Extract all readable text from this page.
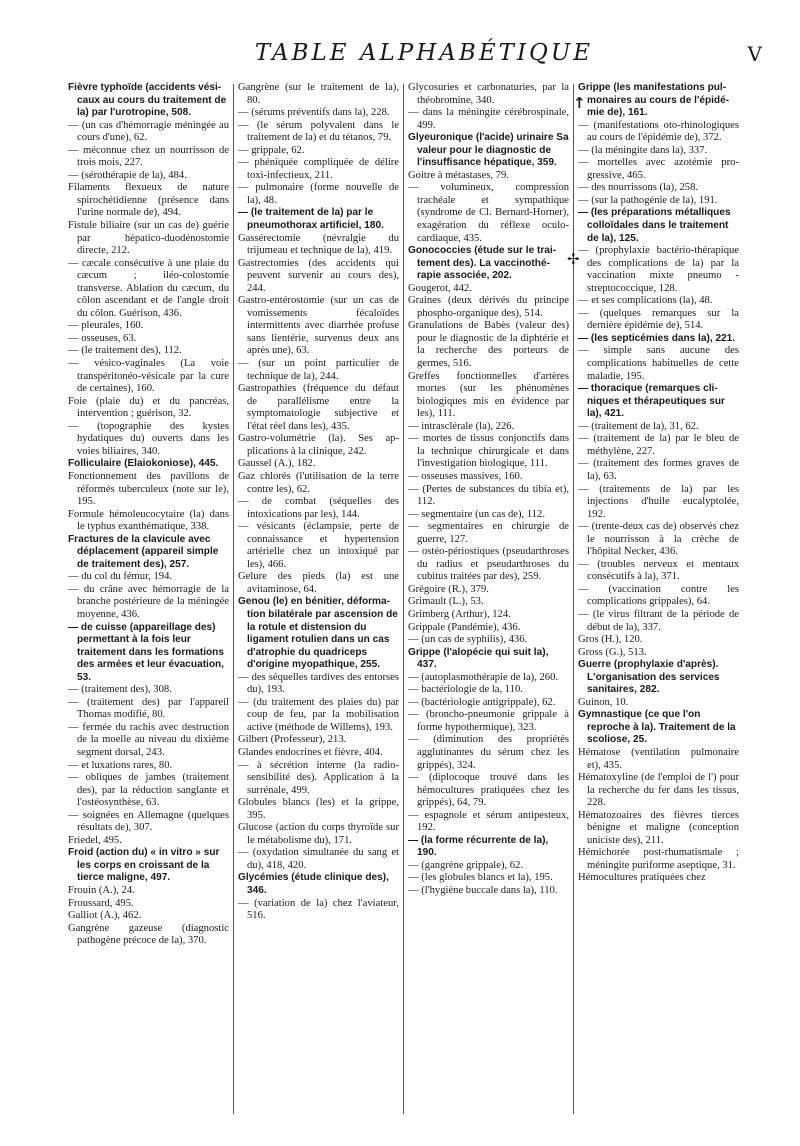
TABLE ALPHABÉTIQUE	V

Fièvre typhoïde (accidents vésicaux au cours du traitement de la) par l'urotropine, 508.

— (un cas d'hémorragie méningée au cours d'une), 62.

— méconnue chez un nourrisson de trois mois, 227.

— (sérothérapie de la), 484.

Filaments flexueux de nature spirochétidienne (présence dans l'urine normale de), 494.

Fistule biliaire (sur un cas de) guérie par hépatico-duodénostomie directe, 212.

— cæcale consécutive à une plaie du cæcum ; iléo-colostomie transverse. Ablation du cæcum, du côlon ascendant et de l'angle droit du côlon. Guérison, 436.

— pleurales, 160.

— osseuses, 63.

— (le traitement des), 112.

— vésico-vaginales (La voie transpéritonéo-vésicale par la cure de certaines), 160.

Foie (plaie du) et du pancréas, intervention ; guérison, 32.

— (topographie des kystes hydatiques du) ouverts dans les voies biliaires, 340.

Folliculaire (Elaiokoniose), 445.

Fonctionnement des pavillons de réformés tuberculeux (note sur le), 195.

Formule hémoleucocytaire (la) dans le typhus exanthématique, 338.

Fractures de la clavicule avec déplacement (appareil simple de traitement des), 257.

— du col du fémur, 194.

— du crâne avec hémorragie de la branche postérieure de la méningée moyenne, 436.

— de cuisse (appareillage des) permettant à la fois leur traitement dans les formations des armées et leur évacuation, 53.

— (traitement des), 308.

— (traitement des) par l'appareil Thomas modifié, 80.

— fermée du rachis avec destruction de la moelle au niveau du dixième segment dorsal, 243.

— et luxations rares, 80.

— obliques de jambes (traitement des), par la réduction sanglante et l'ostéosynthèse, 63.

— soignées en Allemagne (quelques résultats de), 307.

Friedel, 495.

Froid (action du) « in vitro » sur les corps en croissant de la tierce maligne, 497.

Frouin (A.), 24.

Froussard, 495.

Galliot (A.), 462.

Gangrène gazeuse (diagnostic pathogène précoce de la), 370.

Gangrène (sur le traitement de la), 80.

— (sérums préventifs dans la), 228.

— (le sérum polyvalent dans le traitement de la) et du tétanos, 79.

— grippale, 62.

— phéniquée compliquée de délire toxi-infectieux, 211.

— pulmonaire (forme nouvelle de la), 48.

— (le traitement de la) par le pneumothorax artificiel, 180.

Gassérectomie (névralgie du trijumeau et technique de la), 419.

Gastrectomies (des accidents qui peuvent survenir au cours des), 244.

Gastro-entérostomie (sur un cas de vomissements fécaloïdes intermittents avec diarrhée profuse sans lientérie, survenus deux ans après une), 63.

— (sur un point particulier de technique de la), 244.

Gastropathies (fréquence du défaut de parallélisme entre la symptomatologie subjective et l'état réel dans les), 435.

Gastro-volumétrie (la). Ses applications à la clinique, 242.

Gaussel (A.), 182.

Gaz chlorés (l'utilisation de la terre contre les), 62.

— de combat (séquelles des intoxications par les), 144.

— vésicants (éclampsie, perte de connaissance et hypertension artérielle chez un intoxiqué par les), 466.

Gelure des pieds (la) est une avitaminose, 64.

Genou (le) en bénitier, déformation bilatérale par ascension de la rotule et distension du ligament rotulien dans un cas d'atrophie du quadriceps d'origine myopathique, 255.

— des séquelles tardives des entorses du), 193.

— (du traitement des plaies du) par coup de feu, par la mobilisation active (méthode de Willems), 193.

Gilbert (Professeur), 213.

Glandes endocrines et fièvre, 404.

— à sécrétion interne (la radiosensibilité des). Application à la surrénale, 499.

Globules blancs (les) et la grippe, 395.

Glucose (action du corps thyroïde sur le métabolisme du), 171.

— (oxydation simultanée du sang et du), 418, 420.

Glycémies (étude clinique des), 346.

— (variation de la) chez l'aviateur, 516.

Glycosuries et carbonaturies, par la théobromine, 340.

— dans la méningite cérébrospinale, 499.

Glyeuronique (l'acide) urinaire Sa valeur pour le diagnostic de l'insuffisance hépatique, 359.

Goitre à métastases, 79.

— volumineux, compression trachéale et sympathique (syndrome de Cl. Bernard-Horner), exagération du réflexe oculo-cardiaque, 435.

Gonococcies (étude sur le traitement des). La vaccinothérapie associée, 202.

Gougerot, 442.

Graines (deux dérivés du principe phospho-organique des), 514.

Granulations de Babès (valeur des) pour le diagnostic de la diphtérie et la recherche des porteurs de germes, 516.

Greffes fonctionnelles d'artères mortes (sur les phénomènes biologiques mis en évidence par les), 111.

— intrasclérale (la), 226.

— mortes de tissus conjonctifs dans la technique chirurgicale et dans l'investigation biologique, 111.

— osseuses massives, 160.

— (Pertes de substances du tibia et), 112.

— segmentaire (un cas de), 112.

— segmentaires en chirurgie de guerre, 127.

— ostéo-périostiques (pseudarthroses du radius et pseudarthroses du cubitus traitées par des), 259.

Grégoire (R.), 379.

Grimault (L.), 53.

Grimberg (Arthur), 124.

Grippale (Pandémie), 436.

— (un cas de syphilis), 436.

Grippe (l'alopécie qui suit la), 437.

— (autoplasmothérapie de la), 260.

— bactériologie de la, 110.

— (bactériologie antigrippale), 62.

— (broncho-pneumonie grippale à forme hypothermique), 323.

— (diminution des propriétés agglutinantes du sérum chez les grippés), 324.

— (diplocoque trouvé dans les hémocultures pratiquées chez les grippés), 64, 79.

— espagnole et sérum antipesteux, 192.

— (la forme récurrente de la), 190.

— (gangrène grippale), 62.

— (les globules blancs et la), 195.

— (l'hygiène buccale dans la), 110.

Grippe (les manifestations pulmonaires au cours de l'épidémie de), 161.

— (manifestations oto-rhinologiques au cours de l'épidémie de), 372.

— (la méningite dans la), 337.

— mortelles avec azotémie progressive, 465.

— des nourrissons (la), 258.

— (sur la pathogénie de la), 191.

— (les préparations métalliques colloïdales dans le traitement de la), 125.

— (prophylaxie bactério-thérapique des complications de la) par la vaccination mixte pneumo - streptococcique, 128.

— et ses complications (la), 48.

— (quelques remarques sur la dernière épidémie de), 514.

— (les septicémies dans la), 221.

— simple sans aucune des complications habituelles de cette maladie, 195.

— thoracique (remarques cliniques et thérapeutiques sur la), 421.

— (traitement de la), 31, 62.

— (traitement de la) par le bleu de méthylène, 227.

— (traitement des formes graves de la), 63.

— (traitements de la) par les injections d'huile eucalyptolée, 192.

— (trente-deux cas de) observés chez le nourrisson à la crèche de l'hôpital Necker, 436.

— (troubles nerveux et mentaux consécutifs à la), 371.

— (vaccination contre les complications grippales), 64.

— (le virus filtrant de la période de début de la), 337.

Gros (H.), 120.

Gross (G.), 513.

Guerre (prophylaxie d'après). L'organisation des services sanitaires, 282.

Guinon, 10.

Gymnastique (ce que l'on reproche à la). Traitement de la scoliose, 25.

Hématose (ventilation pulmonaire et), 435.

Hématoxyline (de l'emploi de l') pour la recherche du fer dans les tissus, 228.

Hématozoaires des fièvres tierces bénigne et maligne (conception uniciste des), 211.

Hémichorée post-rhumatismale ; méningite puriforme aseptique, 31.

Hémocultures pratiquées chez

↑
✢
